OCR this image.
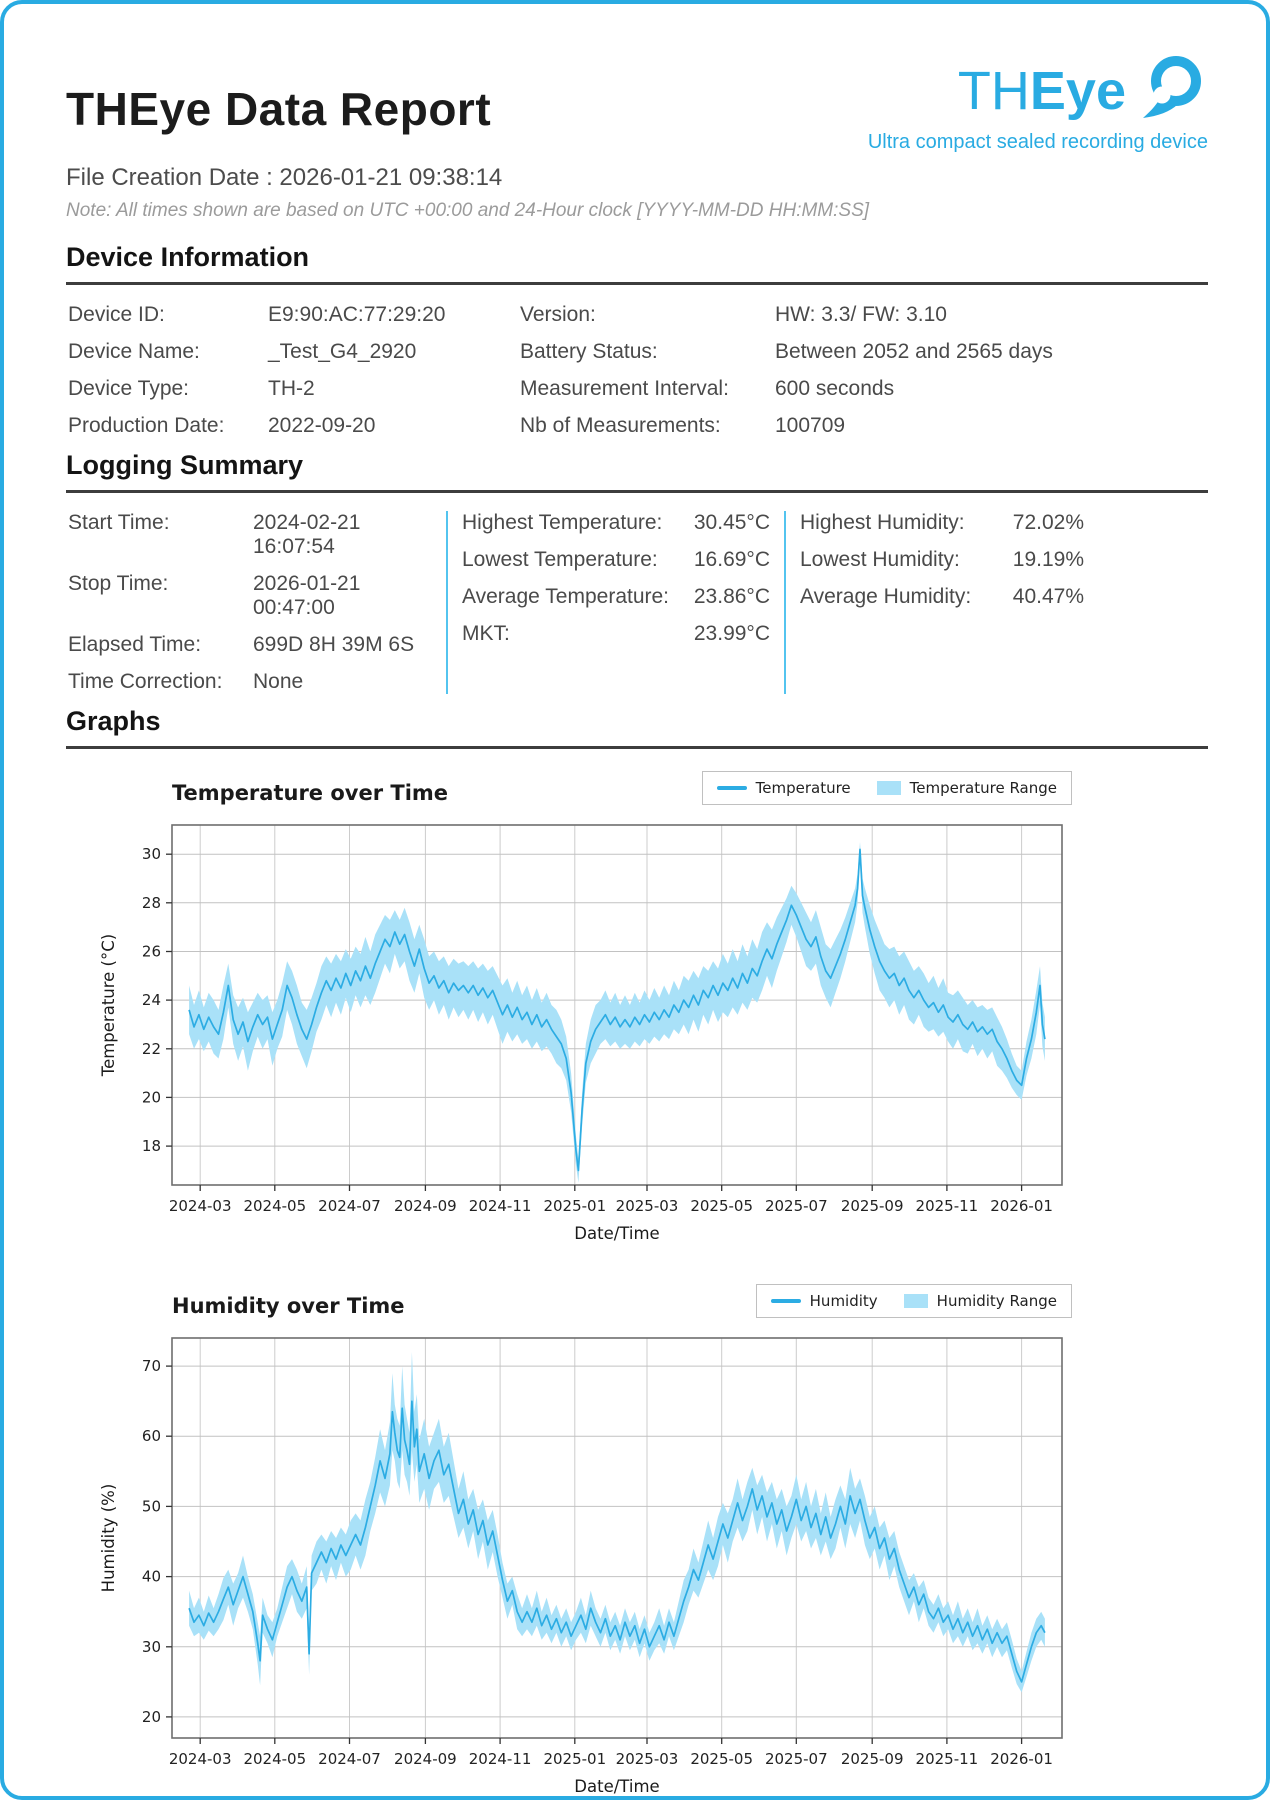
THEye Data Report	THEye
Ultra compact sealed recording device
File Creation Date : 2026-01-21 09:38:14
Note: All times shown are based on UTC +00:00 and 24-Hour clock [YYYY-MM-DD HH:MM:SS]
Device Information
Device ID:	E9:90:AC:77:29:20	Version:	HW: 3.3/ FW: 3.10
Device Name:	_Test_G4_2920	Battery Status:	Between 2052 and 2565 days
Device Type:	TH-2	Measurement Interval:	600 seconds
Production Date:	2022-09-20	Nb of Measurements:	100709
Logging Summary
Start Time:	2024-02-21 16:07:54
Stop Time:	2026-01-21 00:47:00
Elapsed Time:	699D 8H 39M 6S
Time Correction:	None
Highest Temperature:	30.45°C
Lowest Temperature:	16.69°C
Average Temperature:	23.86°C
MKT:	23.99°C
Highest Humidity:	72.02%
Lowest Humidity:	19.19%
Average Humidity:	40.47%
Graphs
Temperature over Time	Temperature	Temperature Range
2024-03 2024-05 2024-07 2024-09 2024-11 2025-01 2025-03 2025-05 2025-07 2025-09 2025-11 2026-01
18
20
22
24
26
28
30
Date/Time
Temperature (°C)
Humidity over Time	Humidity	Humidity Range
2024-03 2024-05 2024-07 2024-09 2024-11 2025-01 2025-03 2025-05 2025-07 2025-09 2025-11 2026-01
20
30
40
50
60
70
Date/Time
Humidity (%)
